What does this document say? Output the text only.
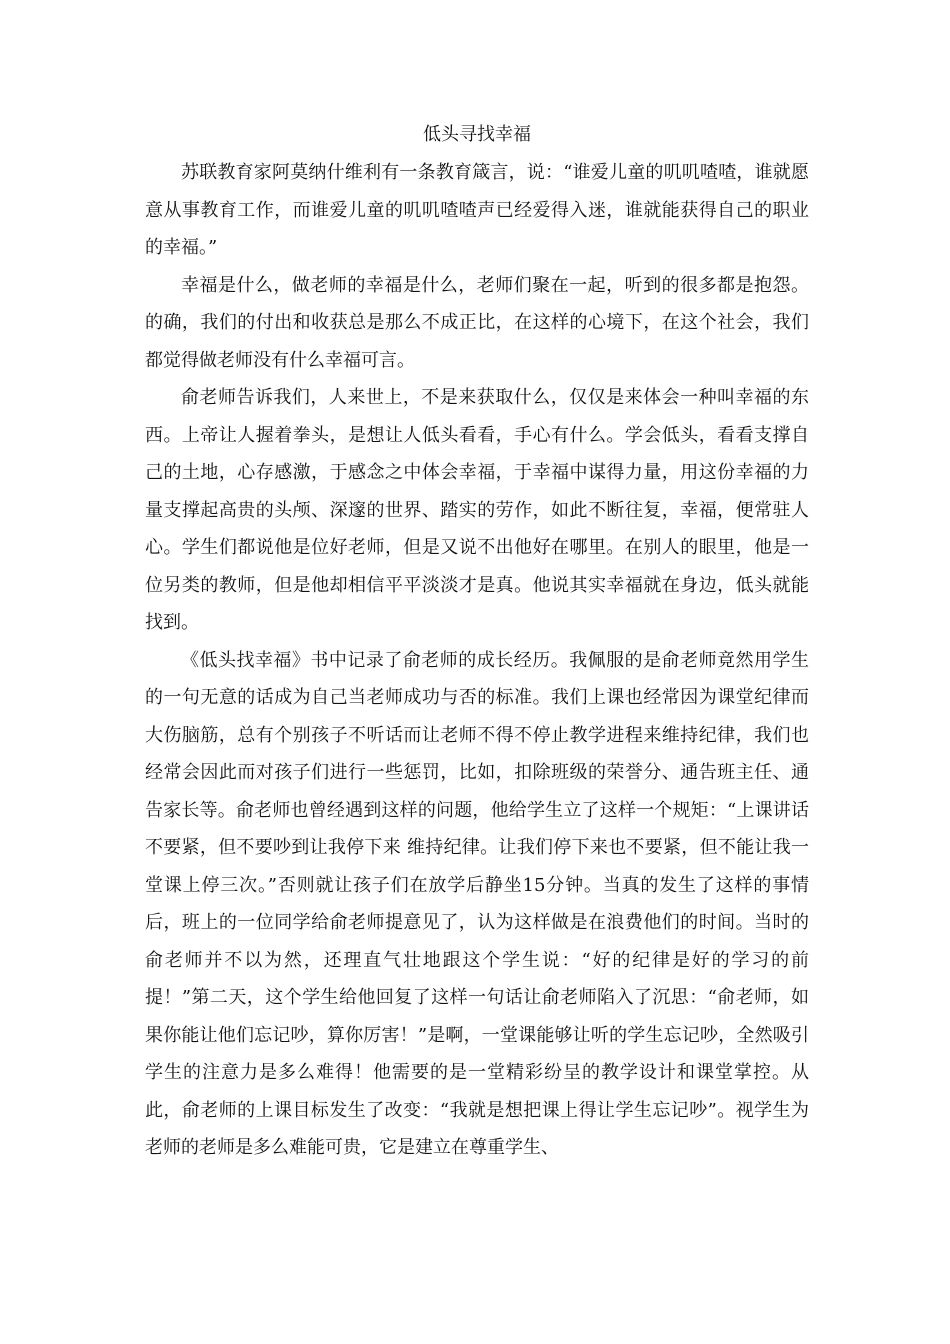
低头寻找幸福

苏联教育家阿莫纳什维利有一条教育箴言，说：“谁爱儿童的叽叽喳喳，谁就愿意从事教育工作，而谁爱儿童的叽叽喳喳声已经爱得入迷，谁就能获得自己的职业的幸福。”

幸福是什么，做老师的幸福是什么，老师们聚在一起，听到的很多都是抱怨。的确，我们的付出和收获总是那么不成正比，在这样的心境下，在这个社会，我们都觉得做老师没有什么幸福可言。

俞老师告诉我们，人来世上，不是来获取什么，仅仅是来体会一种叫幸福的东西。上帝让人握着拳头，是想让人低头看看，手心有什么。学会低头，看看支撑自己的土地，心存感激，于感念之中体会幸福，于幸福中谋得力量，用这份幸福的力量支撑起高贵的头颅、深邃的世界、踏实的劳作，如此不断往复，幸福，便常驻人心。学生们都说他是位好老师，但是又说不出他好在哪里。在别人的眼里，他是一位另类的教师，但是他却相信平平淡淡才是真。他说其实幸福就在身边，低头就能找到。

《低头找幸福》书中记录了俞老师的成长经历。我佩服的是俞老师竟然用学生的一句无意的话成为自己当老师成功与否的标准。我们上课也经常因为课堂纪律而大伤脑筋，总有个别孩子不听话而让老师不得不停止教学进程来维持纪律，我们也经常会因此而对孩子们进行一些惩罚，比如，扣除班级的荣誉分、通告班主任、通告家长等。俞老师也曾经遇到这样的问题，他给学生立了这样一个规矩：“上课讲话不要紧，但不要吵到让我停下来 维持纪律。让我们停下来也不要紧，但不能让我一堂课上停三次。”否则就让孩子们在放学后静坐15分钟。当真的发生了这样的事情后，班上的一位同学给俞老师提意见了，认为这样做是在浪费他们的时间。当时的俞老师并不以为然，还理直气壮地跟这个学生说：“好的纪律是好的学习的前提！”第二天，这个学生给他回复了这样一句话让俞老师陷入了沉思：“俞老师，如果你能让他们忘记吵，算你厉害！”是啊，一堂课能够让听的学生忘记吵，全然吸引学生的注意力是多么难得！他需要的是一堂精彩纷呈的教学设计和课堂掌控。从此，俞老师的上课目标发生了改变：“我就是想把课上得让学生忘记吵”。视学生为老师的老师是多么难能可贵，它是建立在尊重学生、
